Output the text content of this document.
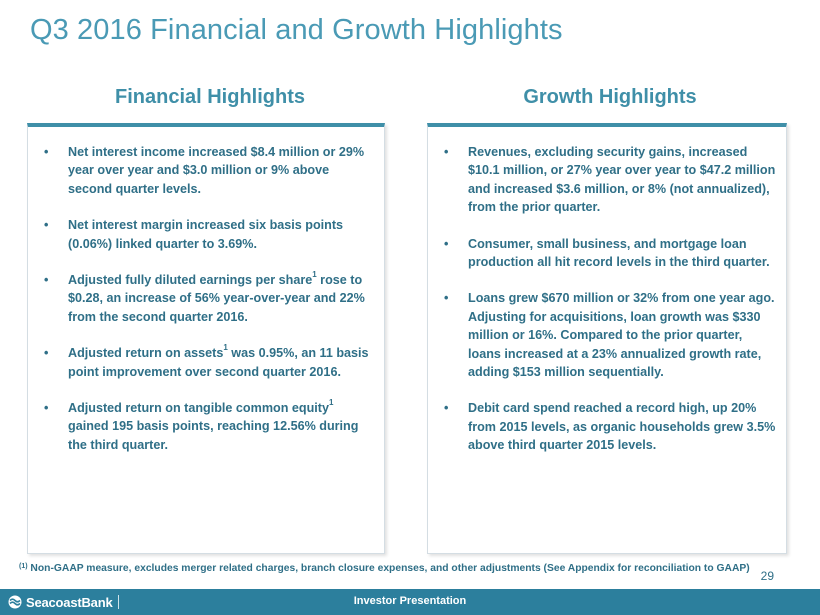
Q3 2016 Financial and Growth Highlights
Financial Highlights	Growth Highlights
• Net interest income increased $8.4 million or 29% year over year and $3.0 million or 9% above second quarter levels.
• Net interest margin increased six basis points (0.06%) linked quarter to 3.69%.
• Adjusted fully diluted earnings per share$^1$ rose to $0.28, an increase of 56% year-over-year and 22% from the second quarter 2016.
• Adjusted return on assets$^1$ was 0.95%, an 11 basis point improvement over second quarter 2016.
• Adjusted return on tangible common equity$^1$ gained 195 basis points, reaching 12.56% during the third quarter.
• Revenues, excluding security gains, increased $10.1 million, or 27% year over year to $47.2 million and increased $3.6 million, or 8% (not annualized), from the prior quarter.
• Consumer, small business, and mortgage loan production all hit record levels in the third quarter.
• Loans grew $670 million or 32% from one year ago. Adjusting for acquisitions, loan growth was $330 million or 16%. Compared to the prior quarter, loans increased at a 23% annualized growth rate, adding $153 million sequentially.
• Debit card spend reached a record high, up 20% from 2015 levels, as organic households grew 3.5% above third quarter 2015 levels.
$^{(1)}$ Non-GAAP measure, excludes merger related charges, branch closure expenses, and other adjustments (See Appendix for reconciliation to GAAP)
29
SeacoastBank	Investor Presentation
